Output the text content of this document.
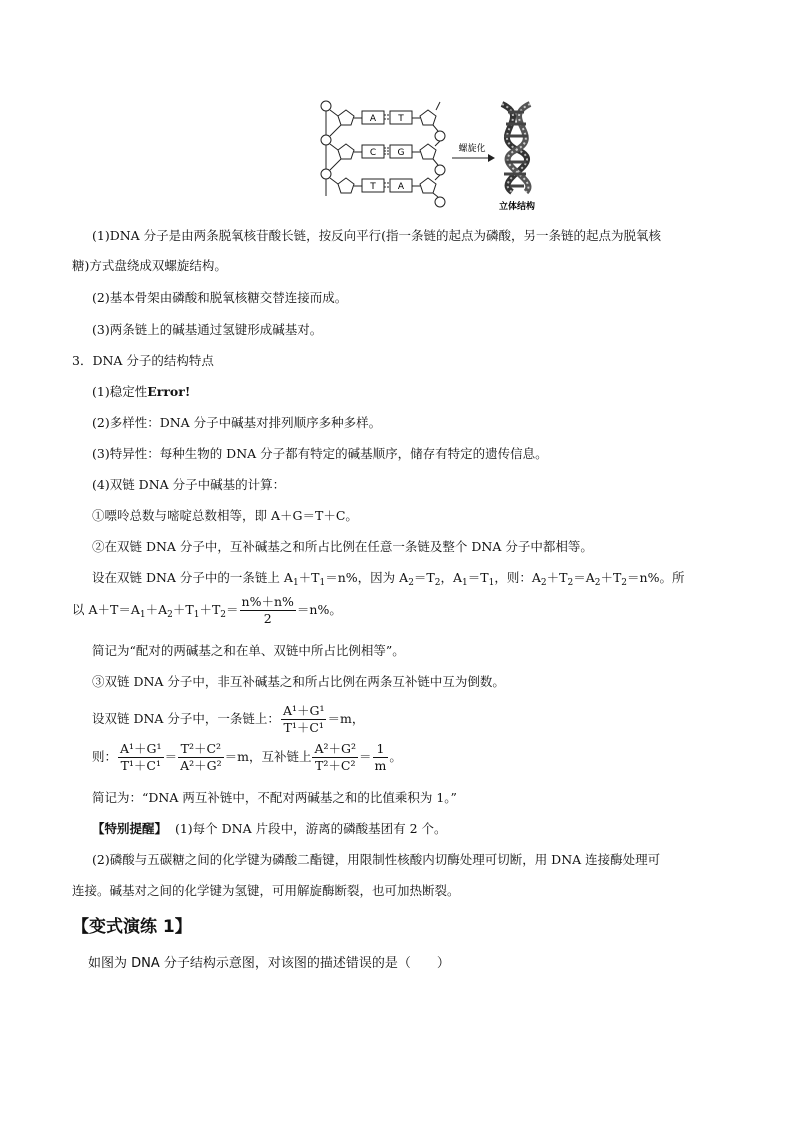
A T
C G
T A
螺旋化
立体结构
(1)DNA 分子是由两条脱氧核苷酸长链，按反向平行(指一条链的起点为磷酸，另一条链的起点为脱氧核
糖)方式盘绕成双螺旋结构。
(2)基本骨架由磷酸和脱氧核糖交替连接而成。
(3)两条链上的碱基通过氢键形成碱基对。
3．DNA 分子的结构特点
(1)稳定性Error!
(2)多样性：DNA 分子中碱基对排列顺序多种多样。
(3)特异性：每种生物的 DNA 分子都有特定的碱基顺序，储存有特定的遗传信息。
(4)双链 DNA 分子中碱基的计算：
①嘌呤总数与嘧啶总数相等，即 A＋G＝T＋C。
②在双链 DNA 分子中，互补碱基之和所占比例在任意一条链及整个 DNA 分子中都相等。
设在双链 DNA 分子中的一条链上 $A_1+T_1=n\%$，因为 $A_2=T_2$，$A_1=T_1$，则：$A_2+T_2=A_2+T_2=n\%$。所
以 $A+T=A_1+A_2+T_1+T_2= \frac{n\%+n\%}{2} =n\%$。
简记为“配对的两碱基之和在单、双链中所占比例相等”。
③双链 DNA 分子中，非互补碱基之和所占比例在两条互补链中互为倒数。
设双链 DNA 分子中，一条链上： $\frac{\text{A¹＋G¹}}{\text{T¹＋C¹}} =m$，
则： $\frac{\text{A¹＋G¹}}{\text{T¹＋C¹}} = \frac{\text{T²＋C²}}{\text{A²＋G²}} =m$，互补链上 $\frac{\text{A²＋G²}}{\text{T²＋C²}} = \frac{1}{m}$ 。
简记为：“DNA 两互补链中，不配对两碱基之和的比值乘积为 1。”
【特别提醒】 (1)每个 DNA 片段中，游离的磷酸基团有 2 个。
(2)磷酸与五碳糖之间的化学键为磷酸二酯键，用限制性核酸内切酶处理可切断，用 DNA 连接酶处理可
连接。碱基对之间的化学键为氢键，可用解旋酶断裂，也可加热断裂。
【变式演练 1】
如图为 DNA 分子结构示意图，对该图的描述错误的是（　　）
